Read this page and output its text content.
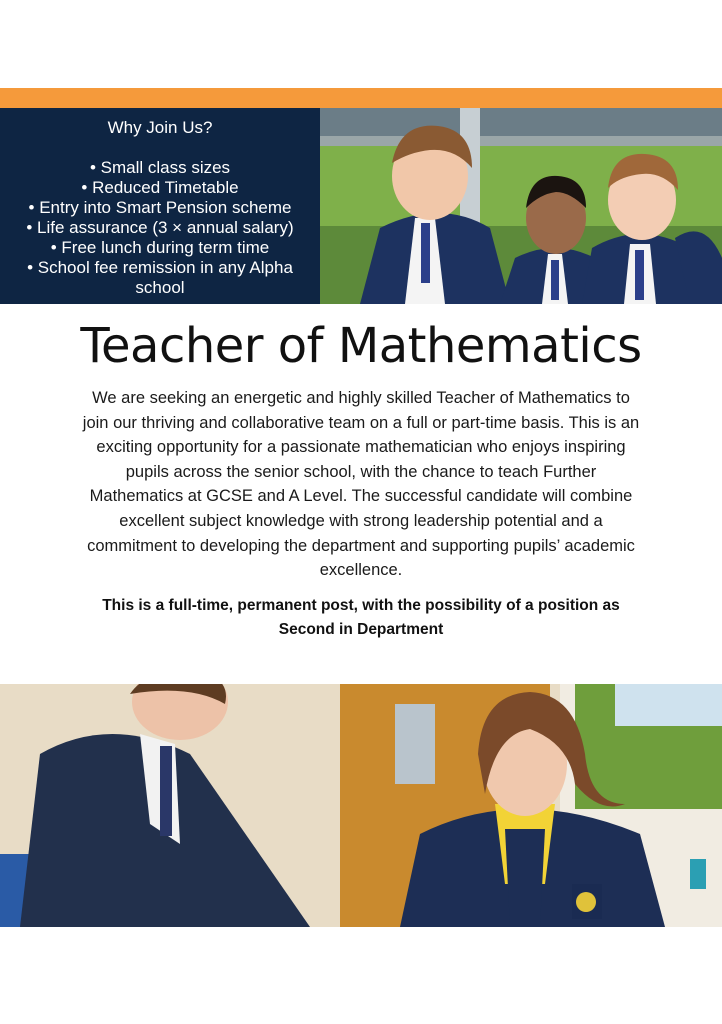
Why Join Us?
• Small class sizes
• Reduced Timetable
• Entry into Smart Pension scheme
• Life assurance (3 × annual salary)
• Free lunch during term time
• School fee remission in any Alpha school
Teacher of Mathematics

We are seeking an energetic and highly skilled Teacher of Mathematics to join our thriving and collaborative team on a full or part-time basis. This is an exciting opportunity for a passionate mathematician who enjoys inspiring pupils across the senior school, with the chance to teach Further Mathematics at GCSE and A Level. The successful candidate will combine excellent subject knowledge with strong leadership potential and a commitment to developing the department and supporting pupils’ academic excellence.

This is a full-time, permanent post, with the possibility of a position as Second in Department
